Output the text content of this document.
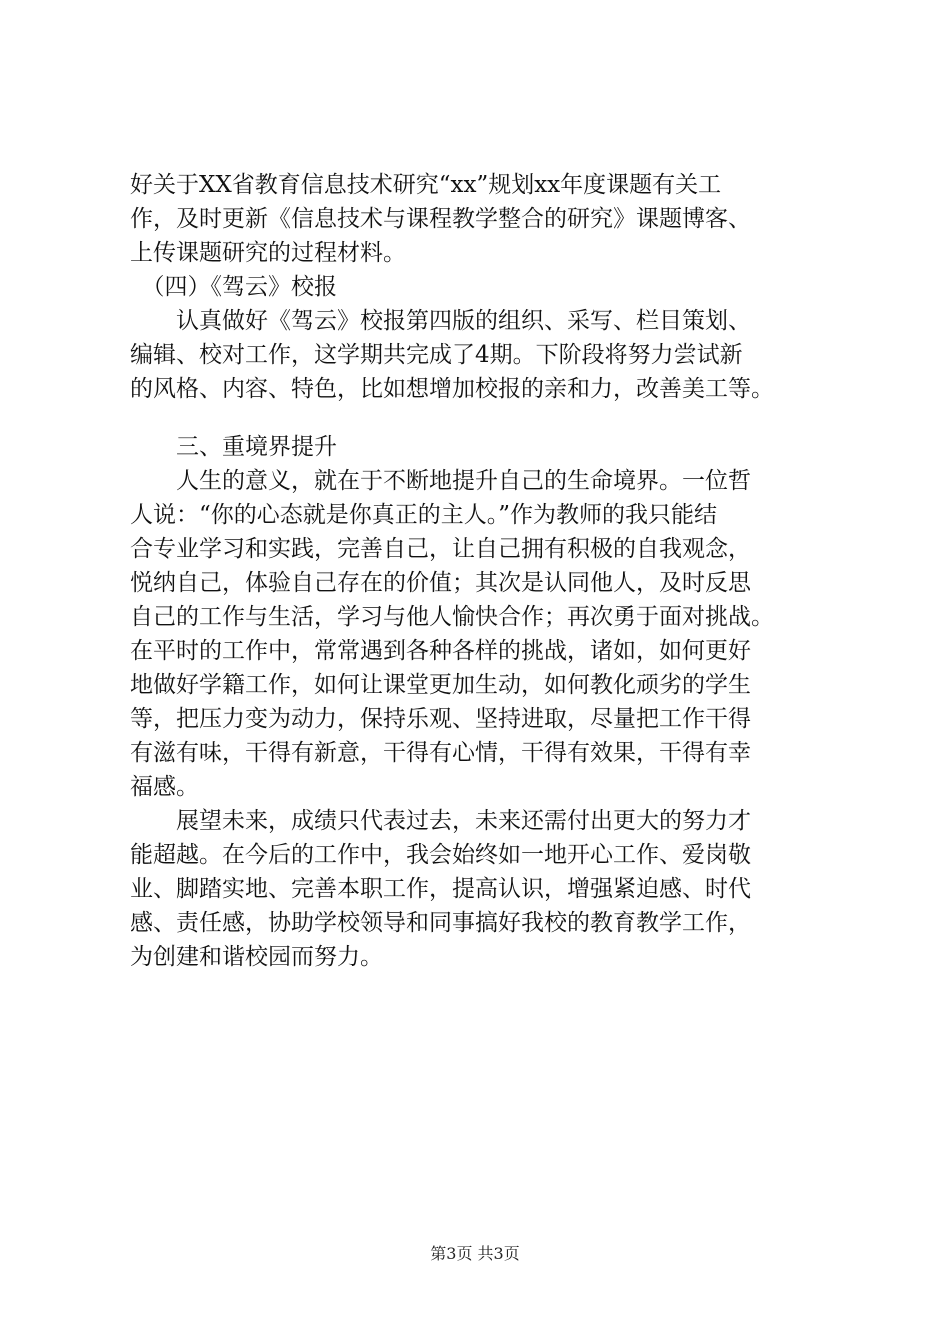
好关于XX省教育信息技术研究“xx”规划xx年度课题有关工
作，及时更新《信息技术与课程教学整合的研究》课题博客、
上传课题研究的过程材料。
　（四）《驾云》校报
　　认真做好《驾云》校报第四版的组织、采写、栏目策划、
编辑、校对工作，这学期共完成了4期。下阶段将努力尝试新
的风格、内容、特色，比如想增加校报的亲和力，改善美工等。
　　三、重境界提升
　　人生的意义，就在于不断地提升自己的生命境界。一位哲
人说：“你的心态就是你真正的主人。”作为教师的我只能结
合专业学习和实践，完善自己，让自己拥有积极的自我观念，
悦纳自己，体验自己存在的价值；其次是认同他人，及时反思
自己的工作与生活，学习与他人愉快合作；再次勇于面对挑战。
在平时的工作中，常常遇到各种各样的挑战，诸如，如何更好
地做好学籍工作，如何让课堂更加生动，如何教化顽劣的学生
等，把压力变为动力，保持乐观、坚持进取，尽量把工作干得
有滋有味，干得有新意，干得有心情，干得有效果，干得有幸
福感。
　　展望未来，成绩只代表过去，未来还需付出更大的努力才
能超越。在今后的工作中，我会始终如一地开心工作、爱岗敬
业、脚踏实地、完善本职工作，提高认识，增强紧迫感、时代
感、责任感，协助学校领导和同事搞好我校的教育教学工作，
为创建和谐校园而努力。
第3页 共3页
